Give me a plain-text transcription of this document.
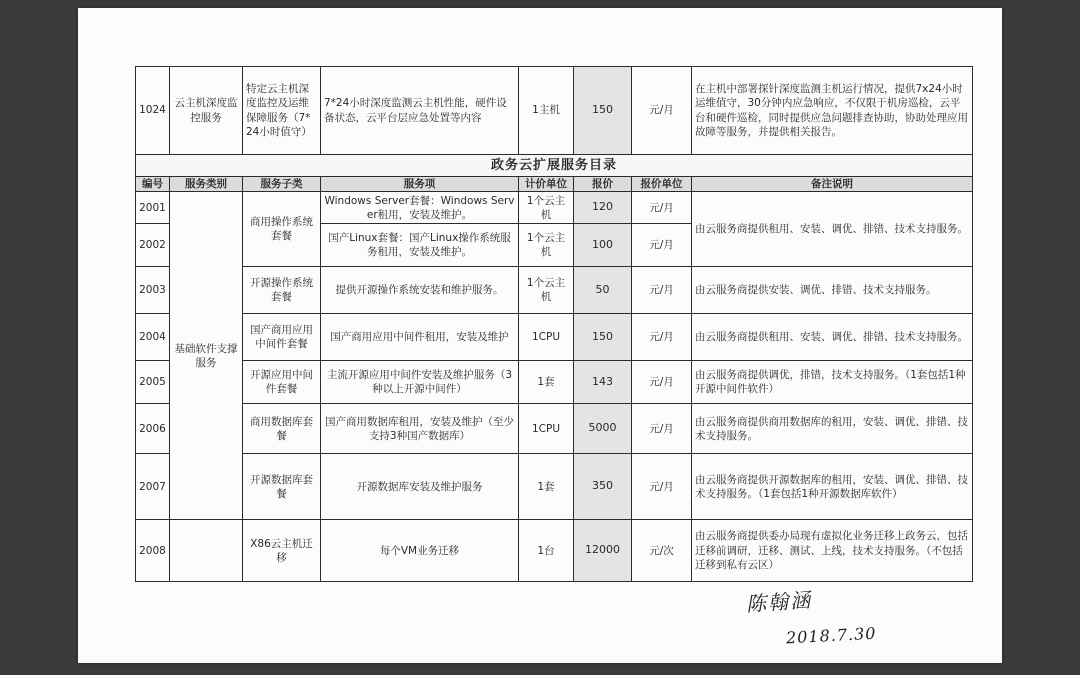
1024	云主机深度监控服务	特定云主机深度监控及运维保障服务（7*24小时值守）	7*24小时深度监测云主机性能，硬件设备状态，云平台层应急处置等内容	1主机	150	元/月	在主机中部署探针深度监测主机运行情况，提供7x24小时运维值守，30分钟内应急响应，不仅限于机房巡检，云平台和硬件巡检，同时提供应急问题排查协助，协助处理应用故障等服务，并提供相关报告。
政务云扩展服务目录							
编号	服务类别	服务子类	服务项	计价单位	报价	报价单位	备注说明
2001	基础软件支撑服务	商用操作系统套餐	Windows Server套餐：Windows Server租用，安装及维护。	1个云主机	120	元/月	由云服务商提供租用、安装、调优、排错、技术支持服务。
2002			国产Linux套餐：国产Linux操作系统服务租用，安装及维护。	1个云主机	100	元/月	
2003		开源操作系统套餐	提供开源操作系统安装和维护服务。	1个云主机	50	元/月	由云服务商提供安装、调优、排错、技术支持服务。
2004		国产商用应用中间件套餐	国产商用应用中间件租用，安装及维护	1CPU	150	元/月	由云服务商提供租用、安装、调优、排错、技术支持服务。
2005		开源应用中间件套餐	主流开源应用中间件安装及维护服务（3种以上开源中间件）	1套	143	元/月	由云服务商提供调优，排错，技术支持服务。（1套包括1种开源中间件软件）
2006		商用数据库套餐	国产商用数据库租用，安装及维护（至少支持3种国产数据库）	1CPU	5000	元/月	由云服务商提供商用数据库的租用，安装、调优、排错、技术支持服务。
2007		开源数据库套餐	开源数据库安装及维护服务	1套	350	元/月	由云服务商提供开源数据库的租用，安装、调优、排错、技术支持服务。（1套包括1种开源数据库软件）
2008		X86云主机迁移	每个VM业务迁移	1台	12000	元/次	由云服务商提供委办局现有虚拟化业务迁移上政务云，包括迁移前调研，迁移、测试、上线，技术支持服务。（不包括迁移到私有云区）
陈翰涵
2018.7.30
